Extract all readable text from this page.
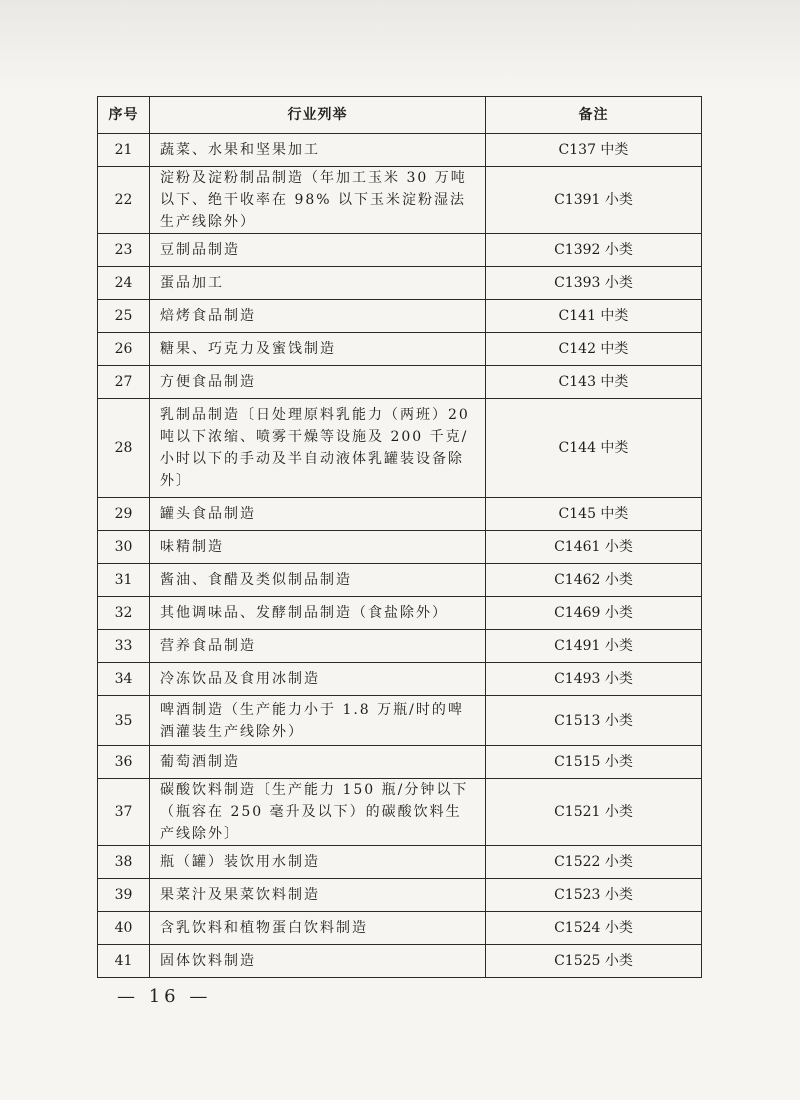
序号	行业列举	备注
21	蔬菜、水果和坚果加工	C137 中类
22	淀粉及淀粉制品制造（年加工玉米 30 万吨以下、绝干收率在 98% 以下玉米淀粉湿法生产线除外）	C1391 小类
23	豆制品制造	C1392 小类
24	蛋品加工	C1393 小类
25	焙烤食品制造	C141 中类
26	糖果、巧克力及蜜饯制造	C142 中类
27	方便食品制造	C143 中类
28	乳制品制造〔日处理原料乳能力（两班）20 吨以下浓缩、喷雾干燥等设施及 200 千克/小时以下的手动及半自动液体乳罐装设备除外〕	C144 中类
29	罐头食品制造	C145 中类
30	味精制造	C1461 小类
31	酱油、食醋及类似制品制造	C1462 小类
32	其他调味品、发酵制品制造（食盐除外）	C1469 小类
33	营养食品制造	C1491 小类
34	冷冻饮品及食用冰制造	C1493 小类
35	啤酒制造（生产能力小于 1.8 万瓶/时的啤酒灌装生产线除外）	C1513 小类
36	葡萄酒制造	C1515 小类
37	碳酸饮料制造〔生产能力 150 瓶/分钟以下（瓶容在 250 毫升及以下）的碳酸饮料生产线除外〕	C1521 小类
38	瓶（罐）装饮用水制造	C1522 小类
39	果菜汁及果菜饮料制造	C1523 小类
40	含乳饮料和植物蛋白饮料制造	C1524 小类
41	固体饮料制造	C1525 小类
— 16 —
